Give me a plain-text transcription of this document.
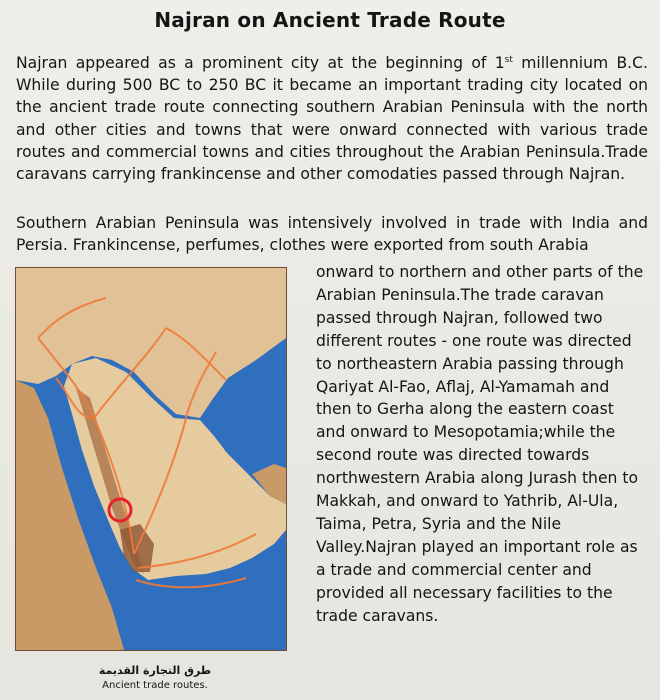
Najran on Ancient Trade Route

Najran appeared as a prominent city at the beginning of 1st millennium B.C. While during 500 BC to 250 BC it became an important trading city located on the ancient trade route connecting southern Arabian Peninsula with the north and other cities and towns that were onward connected with various trade routes and commercial towns and cities throughout the Arabian Peninsula.Trade caravans carrying frankincense and other comodaties passed through Najran.

Southern Arabian Peninsula was intensively involved in trade with India and Persia. Frankincense, perfumes, clothes were exported from south Arabia

onward to northern and other parts of the Arabian Peninsula.The trade caravan passed through Najran, followed two different routes - one route was directed to northeastern Arabia passing through Qariyat Al-Fao, Aflaj, Al-Yamamah and then to Gerha along the eastern coast and onward to Mesopotamia;while the second route was directed towards northwestern Arabia along Jurash then to Makkah, and onward to Yathrib, Al-Ula, Taima, Petra, Syria and the Nile Valley.Najran played an important role as a trade and commercial center and provided all necessary facilities to the trade caravans.

طرق التجارة القديمة
Ancient trade routes.
